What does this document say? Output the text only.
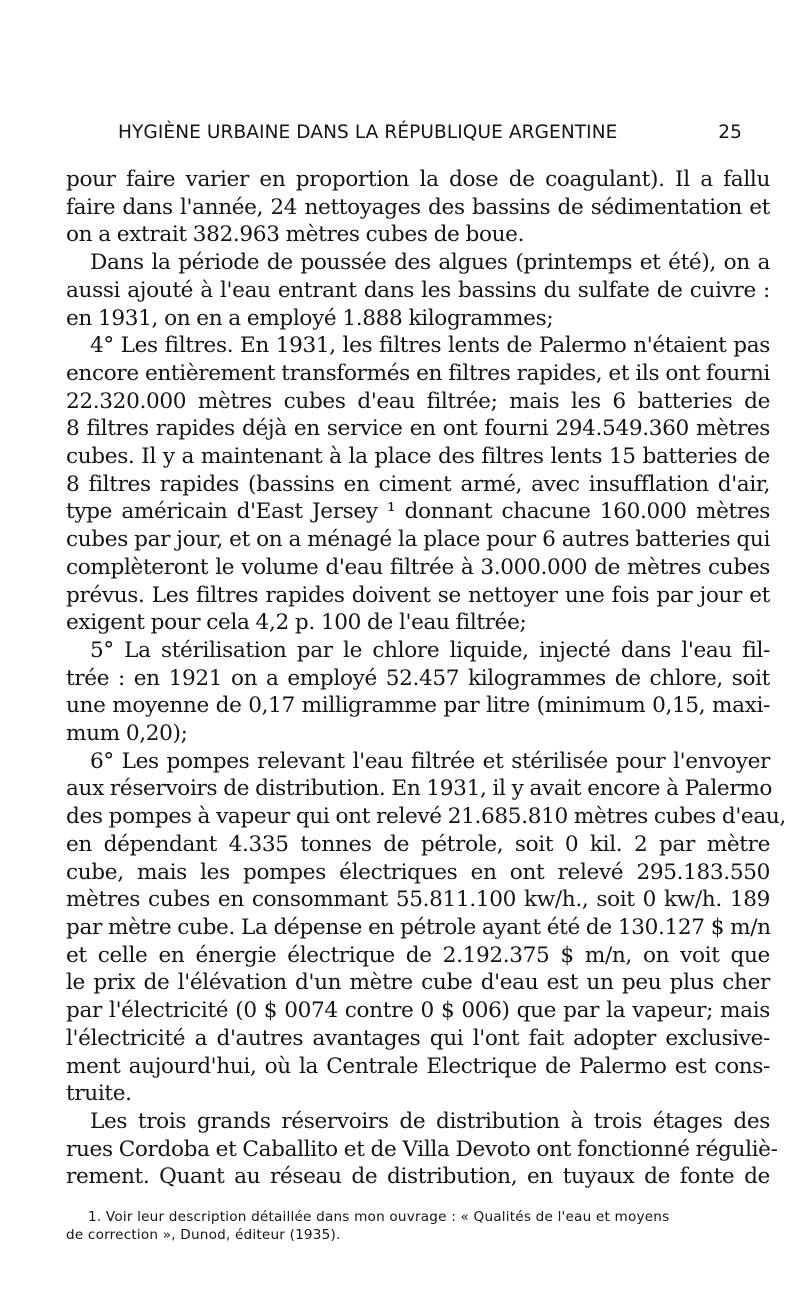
HYGIÈNE URBAINE DANS LA RÉPUBLIQUE ARGENTINE	25
pour faire varier en proportion la dose de coagulant). Il a fallu
faire dans l'année, 24 nettoyages des bassins de sédimentation et
on a extrait 382.963 mètres cubes de boue.
Dans la période de poussée des algues (printemps et été), on a
aussi ajouté à l'eau entrant dans les bassins du sulfate de cuivre :
en 1931, on en a employé 1.888 kilogrammes;
4° Les filtres. En 1931, les filtres lents de Palermo n'étaient pas
encore entièrement transformés en filtres rapides, et ils ont fourni
22.320.000 mètres cubes d'eau filtrée; mais les 6 batteries de
8 filtres rapides déjà en service en ont fourni 294.549.360 mètres
cubes. Il y a maintenant à la place des filtres lents 15 batteries de
8 filtres rapides (bassins en ciment armé, avec insufflation d'air,
type américain d'East Jersey ¹ donnant chacune 160.000 mètres
cubes par jour, et on a ménagé la place pour 6 autres batteries qui
complèteront le volume d'eau filtrée à 3.000.000 de mètres cubes
prévus. Les filtres rapides doivent se nettoyer une fois par jour et
exigent pour cela 4,2 p. 100 de l'eau filtrée;
5° La stérilisation par le chlore liquide, injecté dans l'eau fil-
trée : en 1921 on a employé 52.457 kilogrammes de chlore, soit
une moyenne de 0,17 milligramme par litre (minimum 0,15, maxi-
mum 0,20);
6° Les pompes relevant l'eau filtrée et stérilisée pour l'envoyer
aux réservoirs de distribution. En 1931, il y avait encore à Palermo
des pompes à vapeur qui ont relevé 21.685.810 mètres cubes d'eau,
en dépendant 4.335 tonnes de pétrole, soit 0 kil. 2 par mètre
cube, mais les pompes électriques en ont relevé 295.183.550
mètres cubes en consommant 55.811.100 kw/h., soit 0 kw/h. 189
par mètre cube. La dépense en pétrole ayant été de 130.127 $ m/n
et celle en énergie électrique de 2.192.375 $ m/n, on voit que
le prix de l'élévation d'un mètre cube d'eau est un peu plus cher
par l'électricité (0 $ 0074 contre 0 $ 006) que par la vapeur; mais
l'électricité a d'autres avantages qui l'ont fait adopter exclusive-
ment aujourd'hui, où la Centrale Electrique de Palermo est cons-
truite.
Les trois grands réservoirs de distribution à trois étages des
rues Cordoba et Caballito et de Villa Devoto ont fonctionné réguliè-
rement. Quant au réseau de distribution, en tuyaux de fonte de
1. Voir leur description détaillée dans mon ouvrage : « Qualités de l'eau et moyens
de correction », Dunod, éditeur (1935).
